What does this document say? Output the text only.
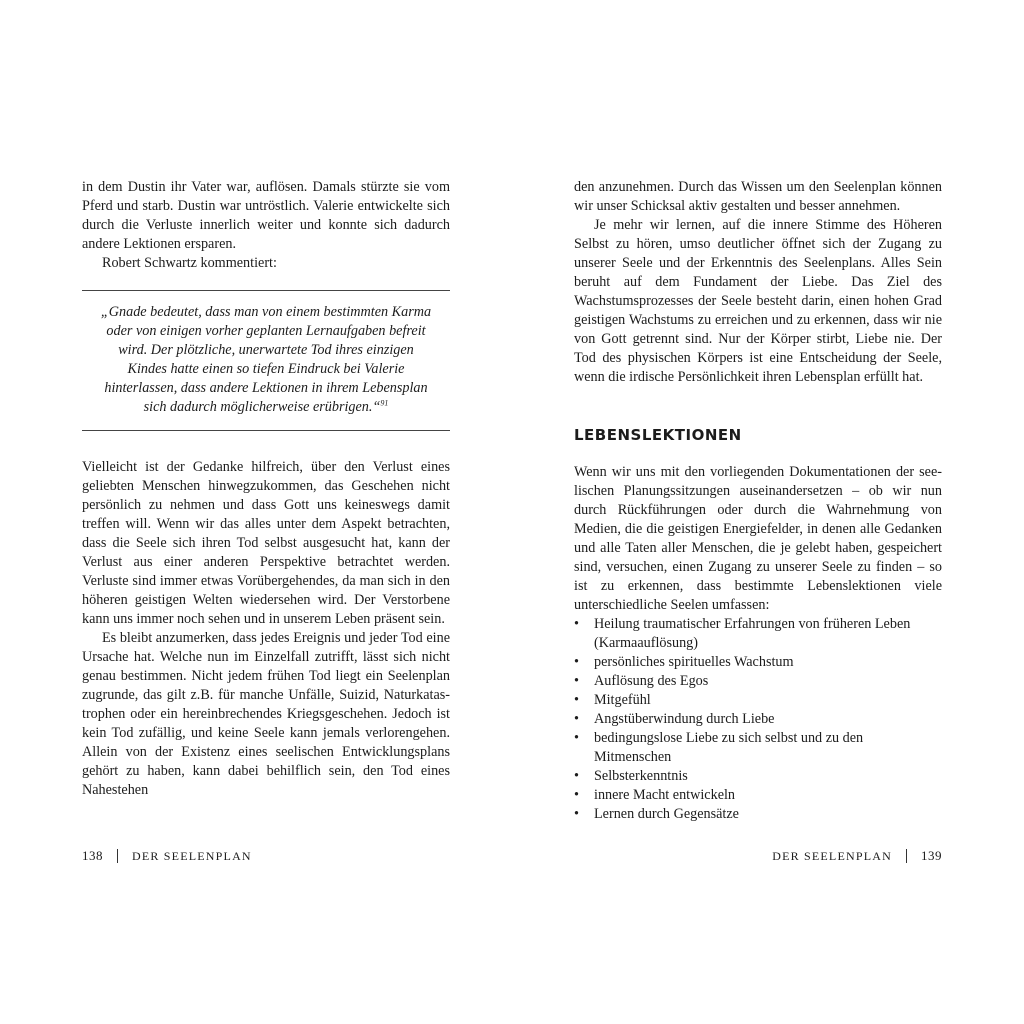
in dem Dustin ihr Vater war, auflösen. Damals stürzte sie vom Pferd und starb. Dustin war untröstlich. Valerie entwickelte sich durch die Verluste innerlich weiter und konnte sich dadurch andere Lektionen ersparen.

Robert Schwartz kommentiert:

„Gnade bedeutet, dass man von einem bestimmten Karma oder von einigen vorher geplanten Lernaufgaben befreit wird. Der plötzliche, unerwartete Tod ihres einzigen Kindes hatte einen so tiefen Eindruck bei Valerie hinterlassen, dass andere Lektionen in ihrem Lebensplan sich dadurch möglicherweise erübrigen.“$^{91}$

Vielleicht ist der Gedanke hilfreich, über den Verlust eines geliebten Menschen hinwegzukommen, das Geschehen nicht persönlich zu nehmen und dass Gott uns keineswegs damit treffen will. Wenn wir das alles unter dem Aspekt betrachten, dass die Seele sich ihren Tod selbst ausgesucht hat, kann der Verlust aus einer anderen Perspektive betrachtet werden. Verluste sind immer etwas Vorübergehendes, da man sich in den höheren geistigen Welten wiedersehen wird. Der Verstorbene kann uns immer noch sehen und in unserem Leben präsent sein.

Es bleibt anzumerken, dass jedes Ereignis und jeder Tod eine Ursache hat. Welche nun im Einzelfall zutrifft, lässt sich nicht genau bestimmen. Nicht jedem frühen Tod liegt ein Seelenplan zugrunde, das gilt z.B. für manche Unfälle, Suizid, Naturkatastrophen oder ein hereinbrechendes Kriegsgeschehen. Jedoch ist kein Tod zufällig, und keine Seele kann jemals verlorengehen. Allein von der Existenz eines seelischen Entwicklungsplans gehört zu haben, kann dabei behilflich sein, den Tod eines Nahestehen

138 DER SEELENPLAN

den anzunehmen. Durch das Wissen um den Seelenplan können wir unser Schicksal aktiv gestalten und besser annehmen.

Je mehr wir lernen, auf die innere Stimme des Höheren Selbst zu hören, umso deutlicher öffnet sich der Zugang zu unserer Seele und der Erkenntnis des Seelenplans. Alles Sein beruht auf dem Fundament der Liebe. Das Ziel des Wachstumsprozesses der Seele besteht darin, einen hohen Grad geistigen Wachstums zu erreichen und zu erkennen, dass wir nie von Gott getrennt sind. Nur der Körper stirbt, Liebe nie. Der Tod des physischen Körpers ist eine Entscheidung der Seele, wenn die irdische Persönlichkeit ihren Lebensplan erfüllt hat.

LEBENSLEKTIONEN

Wenn wir uns mit den vorliegenden Dokumentationen der seelischen Planungssitzungen auseinandersetzen – ob wir nun durch Rückführungen oder durch die Wahrnehmung von Medien, die die geistigen Energiefelder, in denen alle Gedanken und alle Taten aller Menschen, die je gelebt haben, gespeichert sind, versuchen, einen Zugang zu unserer Seele zu finden – so ist zu erkennen, dass bestimmte Lebenslektionen viele unterschiedliche Seelen umfassen:

• Heilung traumatischer Erfahrungen von früheren Leben (Karmaauflösung)
• persönliches spirituelles Wachstum
• Auflösung des Egos
• Mitgefühl
• Angstüberwindung durch Liebe
• bedingungslose Liebe zu sich selbst und zu den Mitmenschen
• Selbsterkenntnis
• innere Macht entwickeln
• Lernen durch Gegensätze
DER SEELENPLAN 139
